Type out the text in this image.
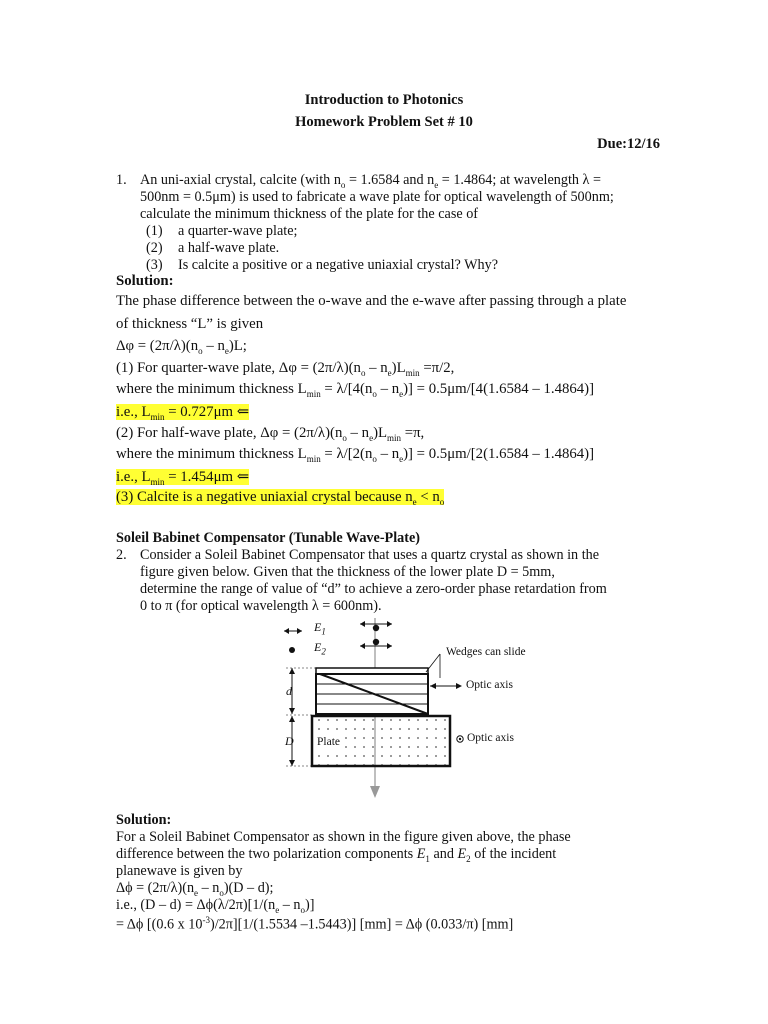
Introduction to Photonics
Homework Problem Set # 10
Due:12/16
1. An uni-axial crystal, calcite (with $n_o = 1.6584$ and $n_e = 1.4864$; at wavelength λ =
500nm = 0.5μm) is used to fabricate a wave plate for optical wavelength of 500nm;
calculate the minimum thickness of the plate for the case of
(1) a quarter-wave plate;
(2) a half-wave plate.
(3) Is calcite a positive or a negative uniaxial crystal? Why?
Solution:
The phase difference between the o-wave and the e-wave after passing through a plate
of thickness “L” is given
$\Delta\varphi = (2\pi/\lambda)(n_o - n_e)L$;
(1) For quarter-wave plate, $\Delta\varphi = (2\pi/\lambda)(n_o - n_e)L_{min} =\pi/2$,
where the minimum thickness $L_{min} = \lambda/[4(n_o - n_e)] = 0.5\mu m/[4(1.6584 - 1.4864)]$
i.e., $L_{min} = 0.727\mu m$ ⇐
(2) For half-wave plate, $\Delta\varphi = (2\pi/\lambda)(n_o - n_e)L_{min} =\pi$,
where the minimum thickness $L_{min} = \lambda/[2(n_o - n_e)] = 0.5\mu m/[2(1.6584 - 1.4864)]$
i.e., $L_{min} = 1.454\mu m$ ⇐
(3) Calcite is a negative uniaxial crystal because $n_e < n_o$
Soleil Babinet Compensator (Tunable Wave-Plate)
2. Consider a Soleil Babinet Compensator that uses a quartz crystal as shown in the
figure given below. Given that the thickness of the lower plate D = 5mm,
determine the range of value of “d” to achieve a zero-order phase retardation from
0 to π (for optical wavelength λ = 600nm).
$E_1$
$E_2$	Wedges can slide
Optic axis
d
D Plate	Optic axis
Solution:
For a Soleil Babinet Compensator as shown in the figure given above, the phase
difference between the two polarization components $E_1$ and $E_2$ of the incident
planewave is given by
$\Delta\phi = (2\pi/\lambda)(n_e - n_o)(D - d)$;
i.e., $(D - d) = \Delta\phi(\lambda/2\pi)[1/(n_e - n_o)]$
= Δϕ [(0.6 x $10^{-3})/2\pi][1/(1.5534$ –1.5443)] [mm] = Δϕ (0.033/π) [mm]
